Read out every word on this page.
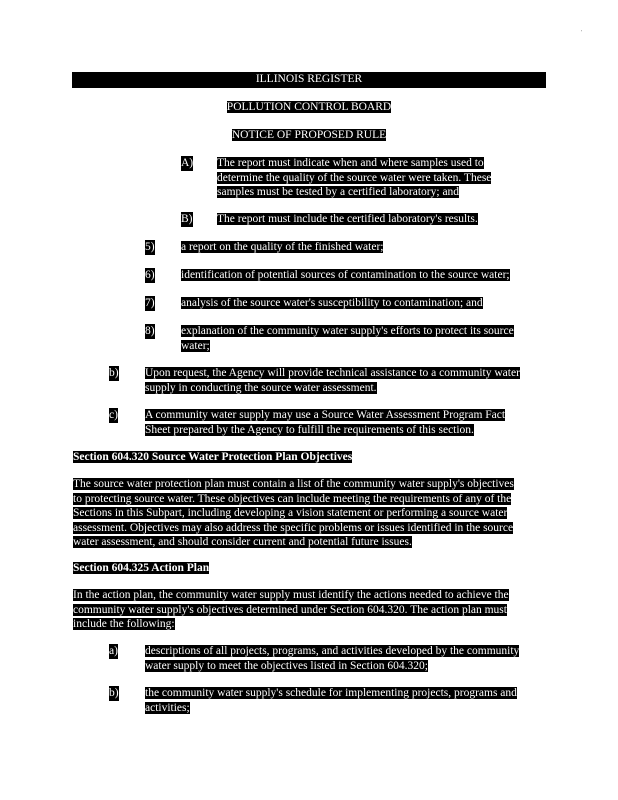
'
ILLINOIS REGISTER
POLLUTION CONTROL BOARD
NOTICE OF PROPOSED RULE
A) The report must indicate when and where samples used to
determine the quality of the source water were taken. These
samples must be tested by a certified laboratory; and
B) The report must include the certified laboratory's results.
5) a report on the quality of the finished water;
6) identification of potential sources of contamination to the source water;
7) analysis of the source water's susceptibility to contamination; and
8) explanation of the community water supply's efforts to protect its source
water;
b) Upon request, the Agency will provide technical assistance to a community water
supply in conducting the source water assessment.
c) A community water supply may use a Source Water Assessment Program Fact
Sheet prepared by the Agency to fulfill the requirements of this section.
Section 604.320 Source Water Protection Plan Objectives
The source water protection plan must contain a list of the community water supply's objectives
to protecting source water. These objectives can include meeting the requirements of any of the
Sections in this Subpart, including developing a vision statement or performing a source water
assessment. Objectives may also address the specific problems or issues identified in the source
water assessment, and should consider current and potential future issues.
Section 604.325 Action Plan
In the action plan, the community water supply must identify the actions needed to achieve the
community water supply's objectives determined under Section 604.320. The action plan must
include the following:
a) descriptions of all projects, programs, and activities developed by the community
water supply to meet the objectives listed in Section 604.320;
b) the community water supply's schedule for implementing projects, programs and
activities;
